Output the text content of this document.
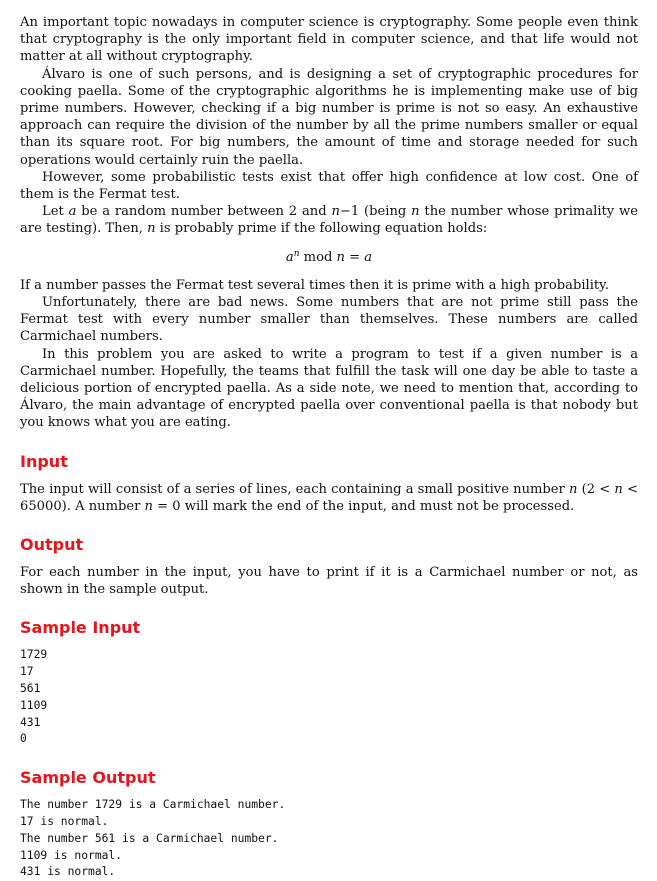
An important topic nowadays in computer science is cryptography. Some people even think that cryptography is the only important field in computer science, and that life would not matter at all without cryptography.

Álvaro is one of such persons, and is designing a set of cryptographic procedures for cooking paella. Some of the cryptographic algorithms he is implementing make use of big prime numbers. However, checking if a big number is prime is not so easy. An exhaustive approach can require the division of the number by all the prime numbers smaller or equal than its square root. For big numbers, the amount of time and storage needed for such operations would certainly ruin the paella.

However, some probabilistic tests exist that offer high confidence at low cost. One of them is the Fermat test.

Let a be a random number between 2 and n−1 (being n the number whose primality we are testing). Then, n is probably prime if the following equation holds:

$a^n$ mod n = a

If a number passes the Fermat test several times then it is prime with a high probability.

Unfortunately, there are bad news. Some numbers that are not prime still pass the Fermat test with every number smaller than themselves. These numbers are called Carmichael numbers.

In this problem you are asked to write a program to test if a given number is a Carmichael number. Hopefully, the teams that fulfill the task will one day be able to taste a delicious portion of encrypted paella. As a side note, we need to mention that, according to Álvaro, the main advantage of encrypted paella over conventional paella is that nobody but you knows what you are eating.

Input

The input will consist of a series of lines, each containing a small positive number n (2 < n < 65000). A number n = 0 will mark the end of the input, and must not be processed.

Output

For each number in the input, you have to print if it is a Carmichael number or not, as shown in the sample output.

Sample Input
1729
17
561
1109
431
0
Sample Output
The number 1729 is a Carmichael number.
17 is normal.
The number 561 is a Carmichael number.
1109 is normal.
431 is normal.
